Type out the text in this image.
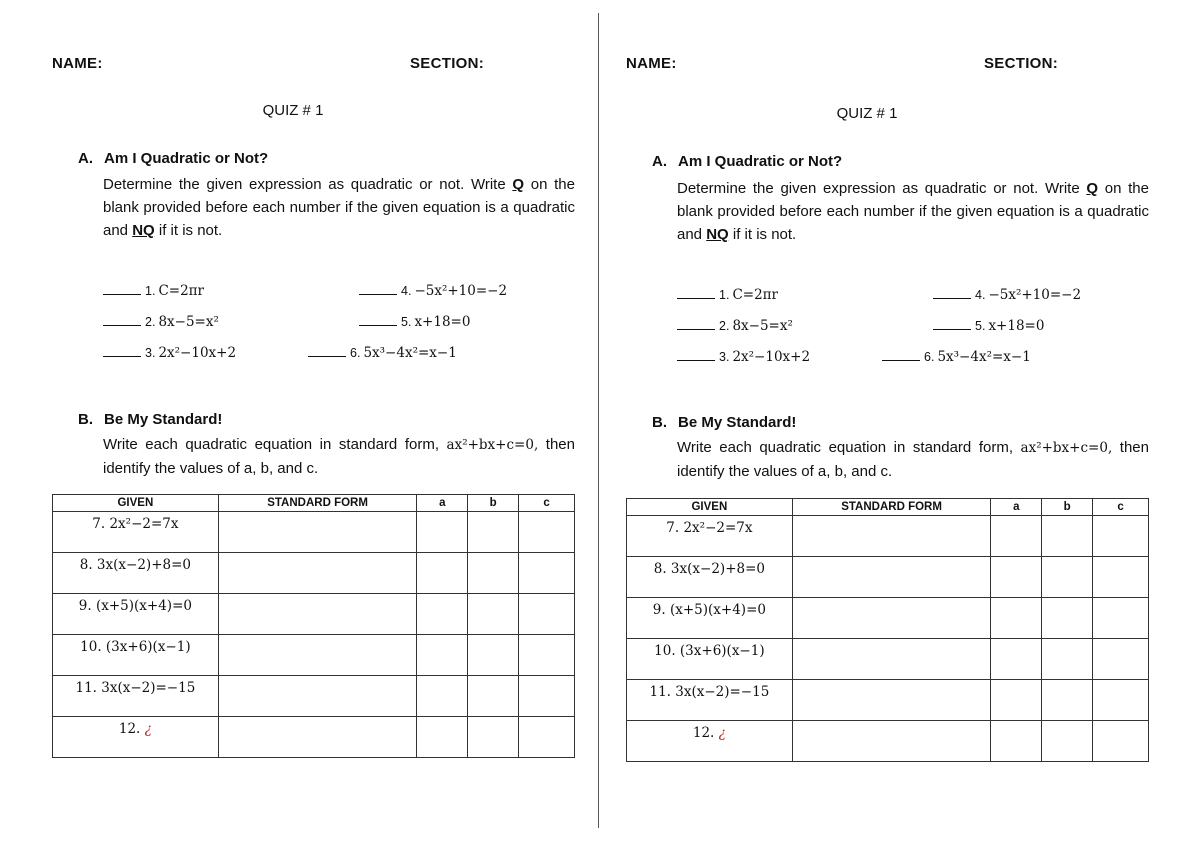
NAME:	SECTION:
QUIZ # 1
A. Am I Quadratic or Not?
Determine the given expression as quadratic or not. Write Q on the blank provided before each number if the given equation is a quadratic and NQ if it is not.
1. C=2πr
2. 8x−5=x²
3. 2x²−10x+2
4. −5x²+10=−2
5. x+18=0
6. 5x³−4x²=x−1
B. Be My Standard!
Write each quadratic equation in standard form, ax²+bx+c=0, then identify the values of a, b, and c.
GIVEN	STANDARD FORM	a	b	c
7. 2x²−2=7x				
8. 3x(x−2)+8=0				
9. (x+5)(x+4)=0				
10. (3x+6)(x−1)				
11. 3x(x−2)=−15				
12. ¿				
NAME:	SECTION:
QUIZ # 1
A. Am I Quadratic or Not?
Determine the given expression as quadratic or not. Write Q on the blank provided before each number if the given equation is a quadratic and NQ if it is not.
1. C=2πr
2. 8x−5=x²
3. 2x²−10x+2
4. −5x²+10=−2
5. x+18=0
6. 5x³−4x²=x−1
B. Be My Standard!
Write each quadratic equation in standard form, ax²+bx+c=0, then identify the values of a, b, and c.
GIVEN	STANDARD FORM	a	b	c
7. 2x²−2=7x				
8. 3x(x−2)+8=0				
9. (x+5)(x+4)=0				
10. (3x+6)(x−1)				
11. 3x(x−2)=−15				
12. ¿				
